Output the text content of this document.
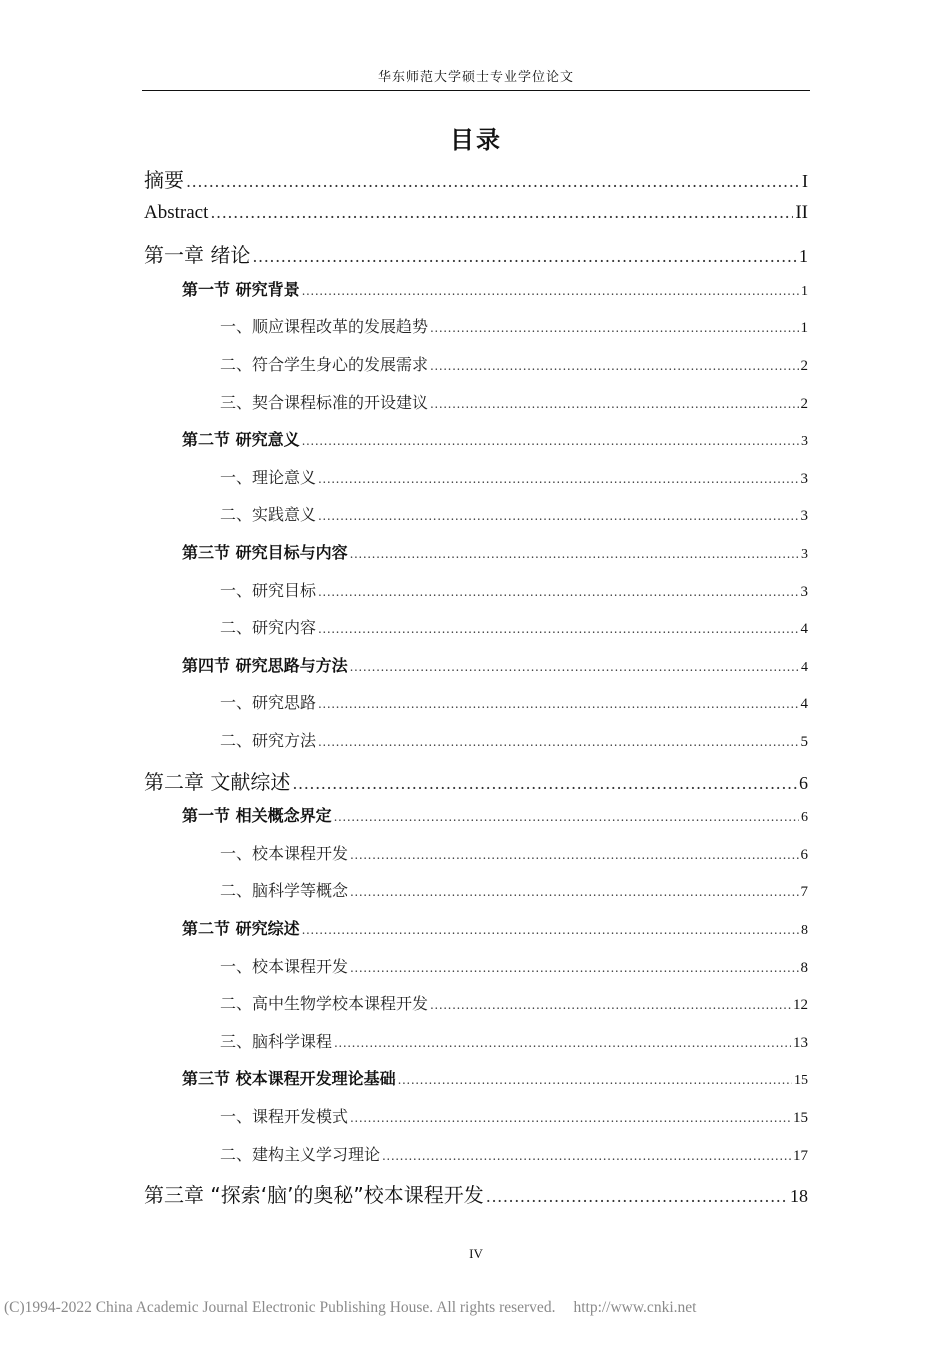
华东师范大学硕士专业学位论文
目录
摘要 .....	I
Abstract .....	II
第一章 绪论 .....	1
第一节 研究背景 .....	1
一、顺应课程改革的发展趋势 .....	1
二、符合学生身心的发展需求 .....	2
三、契合课程标准的开设建议 .....	2
第二节 研究意义 .....	3
一、理论意义 .....	3
二、实践意义 .....	3
第三节 研究目标与内容 .....	3
一、研究目标 .....	3
二、研究内容 .....	4
第四节 研究思路与方法 .....	4
一、研究思路 .....	4
二、研究方法 .....	5
第二章 文献综述 .....	6
第一节 相关概念界定 .....	6
一、校本课程开发 .....	6
二、脑科学等概念 .....	7
第二节 研究综述 .....	8
一、校本课程开发 .....	8
二、高中生物学校本课程开发 .....	12
三、脑科学课程 .....	13
第三节 校本课程开发理论基础 .....	15
一、课程开发模式 .....	15
二、建构主义学习理论 .....	17
第三章 “探索‘脑’的奥秘”校本课程开发 .....	18
IV
(C)1994-2022 China Academic Journal Electronic Publishing House. All rights reserved. http://www.cnki.net
